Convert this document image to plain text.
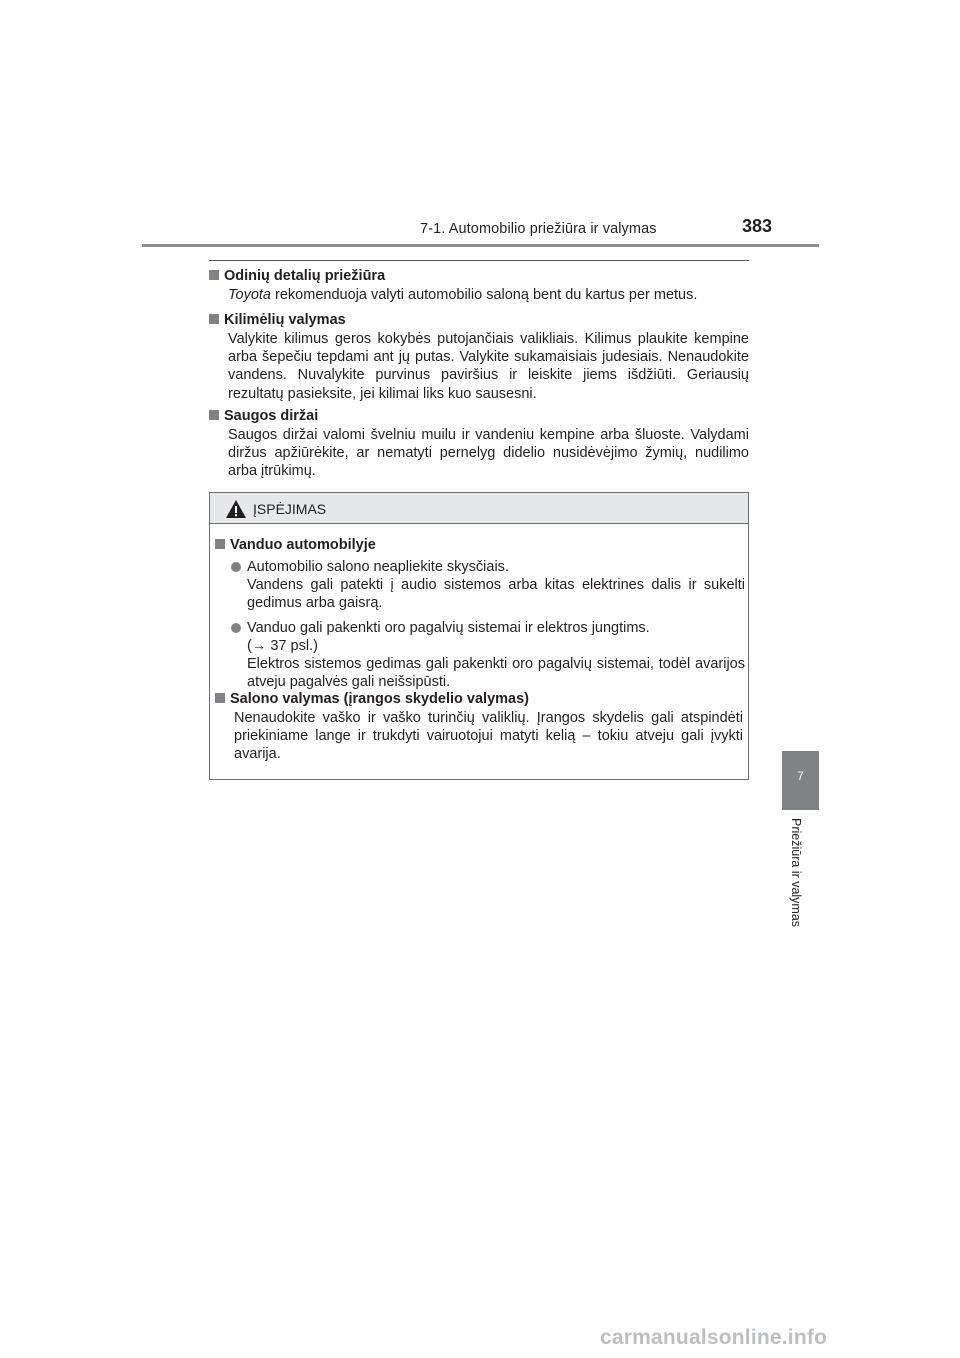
7-1. Automobilio priežiūra ir valymas	383
Odinių detalių priežiūra
Toyota rekomenduoja valyti automobilio saloną bent du kartus per metus.
Kilimėlių valymas
Valykite kilimus geros kokybės putojančiais valikliais. Kilimus plaukite kempine arba šepečiu tepdami ant jų putas. Valykite sukamaisiais judesiais. Nenaudokite vandens. Nuvalykite purvinus paviršius ir leiskite jiems išdžiūti. Geriausių rezultatų pasieksite, jei kilimai liks kuo sausesni.
Saugos diržai
Saugos diržai valomi švelniu muilu ir vandeniu kempine arba šluoste. Valydami diržus apžiūrėkite, ar nematyti pernelyg didelio nusidėvėjimo žymių, nudilimo arba įtrūkimų.
ĮSPĖJIMAS
Vanduo automobilyje
Automobilio salono neapliekite skysčiais.
Vandens gali patekti į audio sistemos arba kitas elektrines dalis ir sukelti gedimus arba gaisrą.
Vanduo gali pakenkti oro pagalvių sistemai ir elektros jungtims.
(→ 37 psl.)
Elektros sistemos gedimas gali pakenkti oro pagalvių sistemai, todėl avarijos atveju pagalvės gali neišsipūsti.
Salono valymas (įrangos skydelio valymas)
Nenaudokite vaško ir vaško turinčių valiklių. Įrangos skydelis gali atspindėti priekiniame lange ir trukdyti vairuotojui matyti kelią – tokiu atveju gali įvykti avarija.
7
Priežiūra ir valymas
carmanualsonline.info
